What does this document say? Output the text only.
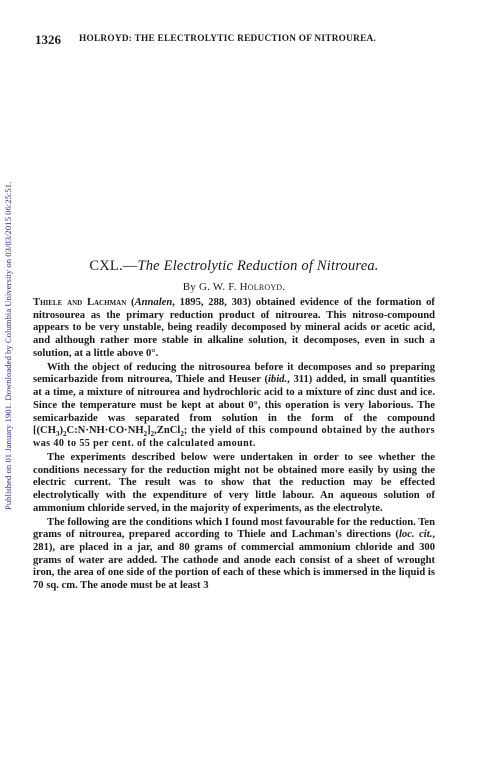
Published on 01 January 1901. Downloaded by Columbia University on 03/03/2015 06:25:51.
1326 HOLROYD: THE ELECTROLYTIC REDUCTION OF NITROUREA.
CXL.—The Electrolytic Reduction of Nitrourea.
By G. W. F. Holroyd.

Thiele and Lachman (Annalen, 1895, 288, 303) obtained evidence of the formation of nitrosourea as the primary reduction product of nitrourea. This nitroso-compound appears to be very unstable, being readily decomposed by mineral acids or acetic acid, and although rather more stable in alkaline solution, it decomposes, even in such a solution, at a little above 0°.

With the object of reducing the nitrosourea before it decomposes and so preparing semicarbazide from nitrourea, Thiele and Heuser (ibid., 311) added, in small quantities at a time, a mixture of nitrourea and hydrochloric acid to a mixture of zinc dust and ice. Since the temperature must be kept at about 0°, this operation is very laborious. The semicarbazide was separated from solution in the form of the compound $[(CH_3)_2C:N\cdot NH\cdot CO\cdot NH_2]_2,ZnCl_2$; the yield of this compound obtained by the authors was 40 to 55 per cent. of the calculated amount.

The experiments described below were undertaken in order to see whether the conditions necessary for the reduction might not be obtained more easily by using the electric current. The result was to show that the reduction may be effected electrolytically with the expenditure of very little labour. An aqueous solution of ammonium chloride served, in the majority of experiments, as the electrolyte.

The following are the conditions which I found most favourable for the reduction. Ten grams of nitrourea, prepared according to Thiele and Lachman's directions (loc. cit., 281), are placed in a jar, and 80 grams of commercial ammonium chloride and 300 grams of water are added. The cathode and anode each consist of a sheet of wrought iron, the area of one side of the portion of each of these which is immersed in the liquid is 70 sq. cm. The anode must be at least 3
